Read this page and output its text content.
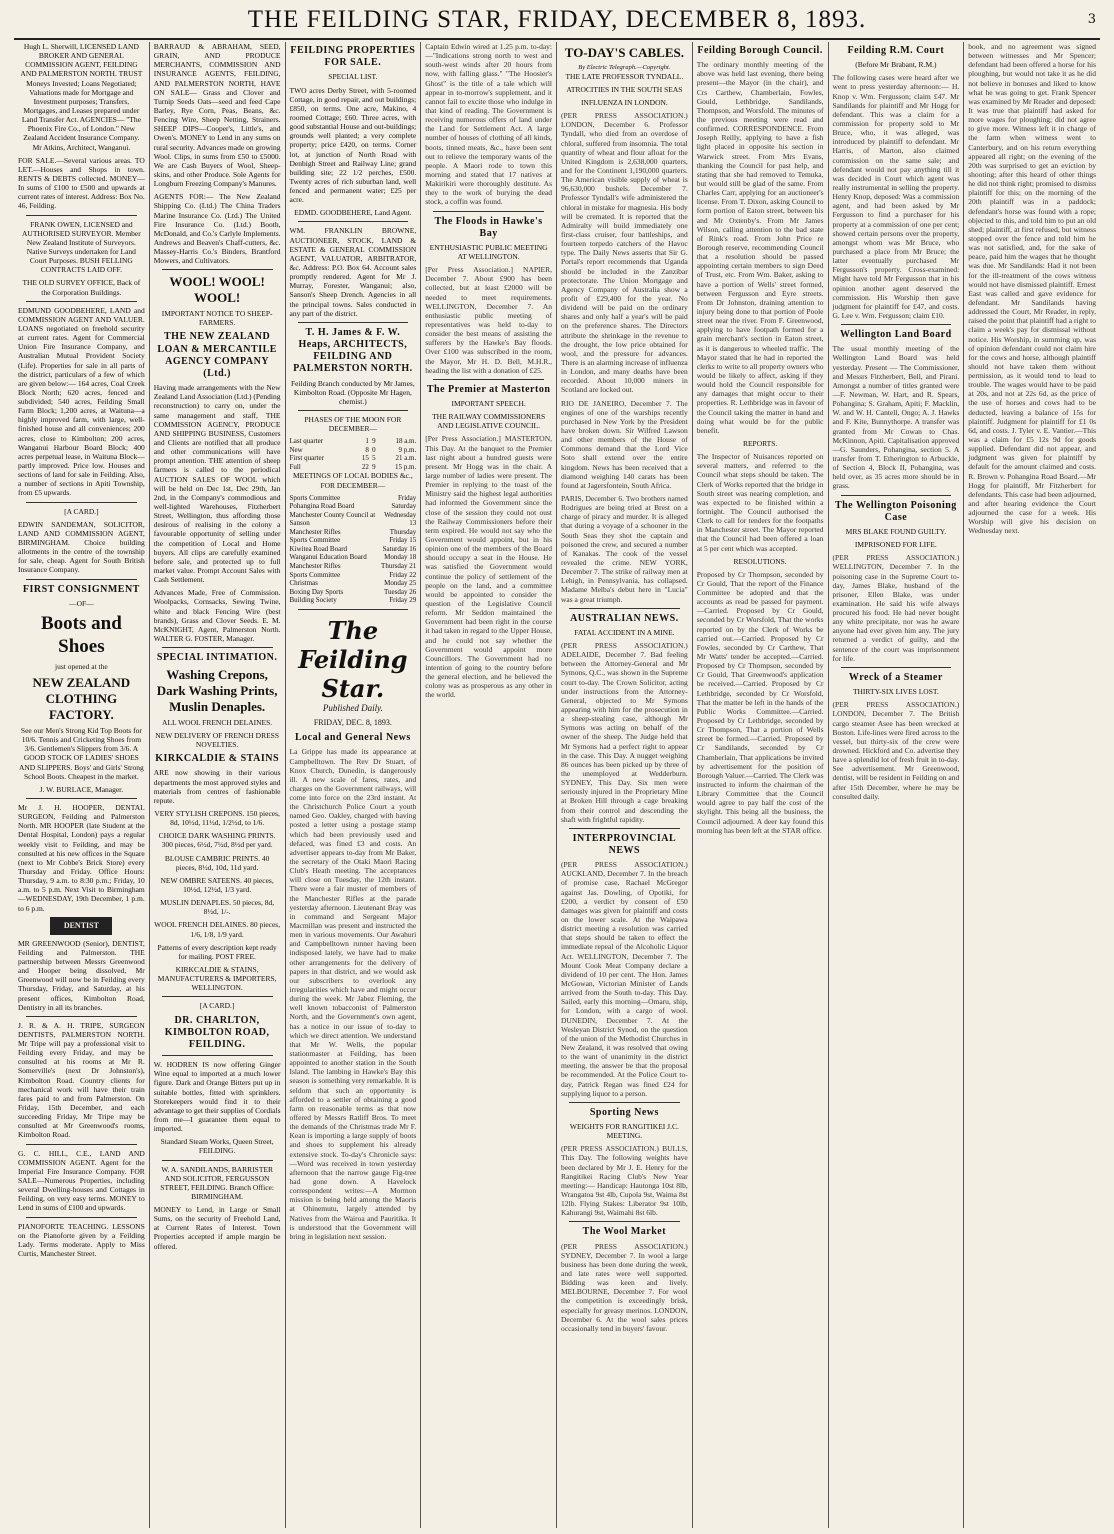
THE FEILDING STAR, FRIDAY, DECEMBER 8, 1893.	3
Hugh L. Sherwill, LICENSED LAND BROKER AND GENERAL COMMISSION AGENT, FEILDING AND PALMERSTON NORTH. TRUST Moneys Invested; Loans Negotiated; Valuations made for Mortgage and Investment purposes; Transfers, Mortgages, and Leases prepared under Land Transfer Act. AGENCIES— "The Phoenix Fire Co., of London." New Zealand Accident Insurance Company. Mr Atkins, Architect, Wanganui.
FOR SALE.—Several various areas. TO LET.—Houses and Shops in town. RENTS & DEBTS collected. MONEY—In sums of £100 to £500 and upwards at current rates of interest. Address: Box No. 46, Feilding.
FRANK OWEN, LICENSED and AUTHORISED SURVEYOR. Member New Zealand Institute of Surveyors. Native Surveys undertaken for Land Court Purposes. BUSH FELLING CONTRACTS LAID OFF.
THE OLD SURVEY OFFICE, Back of the Corporation Buildings.
EDMUND GOODBEHERE, LAND and COMMISSION AGENT AND VALUER. LOANS negotiated on freehold security at current rates. Agent for Commercial Union Fire Insurance Company, and Australian Mutual Provident Society (Life). Properties for sale in all parts of the district, particulars of a few of which are given below:— 164 acres, Coal Creek Block North; 620 acres, fenced and subdivided; 540 acres, Feilding Small Farm Block; 1,200 acres, at Waituna—a highly improved farm, with large, well-finished house and all conveniences; 200 acres, close to Kimbolton; 200 acres, Wanganui Harbour Board Block; 400 acres perpetual lease, in Waituna Block—partly improved. Price low. Houses and sections of land for sale in Feilding. Also, a number of sections in Apiti Township, from £5 upwards.
[A CARD.]
EDWIN SANDEMAN, SOLICITOR, LAND AND COMMISSION AGENT, BIRMINGHAM. Choice building allotments in the centre of the township for sale, cheap. Agent for South British Insurance Company.
FIRST CONSIGNMENT
—OF—
Boots and Shoes
just opened at the
NEW ZEALAND CLOTHING FACTORY.
See our Men's Strong Kid Top Boots for 10/6. Tennis and Cricketing Shoes from 3/6. Gentlemen's Slippers from 3/6. A GOOD STOCK OF LADIES' SHOES AND SLIPPERS. Boys' and Girls' Strong School Boots. Cheapest in the market.
J. W. BURLACE, Manager.
Mr J. H. HOOPER, DENTAL SURGEON, Feilding and Palmerston North. MR HOOPER (late Student at the Dental Hospital, London) pays a regular weekly visit to Feilding, and may be consulted at his new offices in the Square (next to Mr Cobbe's Brick Store) every Thursday and Friday. Office Hours: Thursday, 9 a.m. to 8:30 p.m.; Friday, 10 a.m. to 5 p.m. Next Visit to Birmingham—WEDNESDAY, 19th December, 1 p.m. to 6 p.m.
DENTIST
MR GREENWOOD (Senior), DENTIST, Feilding and Palmerston. THE partnership between Messrs Greenwood and Hooper being dissolved, Mr Greenwood will now be in Feilding every Thursday, Friday, and Saturday, at his present offices, Kimbolton Road, Dentistry in all its branches.
J. R. & A. H. TRIPE, SURGEON DENTISTS, PALMERSTON NORTH. Mr Tripe will pay a professional visit to Feilding every Friday, and may be consulted at his rooms at Mr R. Somerville's (next Dr Johnston's), Kimbolton Road. Country clients for mechanical work will have their train fares paid to and from Palmerston. On Friday, 15th December, and each succeeding Friday, Mr Tripe may be consulted at Mr Greenwood's rooms, Kimbolton Road.
G. C. HILL, C.E., LAND AND COMMISSION AGENT. Agent for the Imperial Fire Insurance Company. FOR SALE—Numerous Properties, including several Dwelling-houses and Cottages in Feilding, on very easy terms. MONEY to Lend in sums of £100 and upwards.
PIANOFORTE TEACHING. LESSONS on the Pianoforte given by a Feilding Lady. Terms moderate. Apply to Miss Curtis, Manchester Street.
BARRAUD & ABRAHAM, SEED, GRAIN, AND PRODUCE MERCHANTS, COMMISSION AND INSURANCE AGENTS, FEILDING, AND PALMERSTON NORTH, HAVE ON SALE— Grass and Clover and Turnip Seeds Oats—seed and feed Cape Barley, Rye Corn, Peas, Beans, &c. Fencing Wire, Sheep Netting, Strainers. SHEEP DIPS—Cooper's, Little's, and Owen's. MONEY to Lend in any sums on rural security. Advances made on growing Wool. Clips, in sums from £50 to £5000. We are Cash Buyers of Wool, Sheep-skins, and other Produce. Sole Agents for Longburn Freezing Company's Manures.
AGENTS FOR:— The New Zealand Shipping Co. (Ltd.) The China Traders Marine Insurance Co. (Ltd.) The United Fire Insurance Co. (Ltd.) Booth, McDonald, and Co.'s Carlyle Implements. Andrews and Beaven's Chaff-cutters, &c. Massey-Harris Co.'s Binders, Brantford Mowers, and Cultivators.
WOOL! WOOL! WOOL!
IMPORTANT NOTICE TO SHEEP-FARMERS.
THE NEW ZEALAND LOAN & MERCANTILE AGENCY COMPANY (Ltd.)
Having made arrangements with the New Zealand Land Association (Ltd.) (Pending reconstruction) to carry on, under the same management and staff, THE COMMISSION AGENCY, PRODUCE AND SHIPPING BUSINESS, Customers and Clients are notified that all produce and other communications will have prompt attention. THE attention of sheep farmers is called to the periodical AUCTION SALES OF WOOL which will be held on Dec 1st, Dec 29th, Jan 2nd, in the Company's commodious and well-lighted Warehouses, Fitzherbert Street, Wellington, thus affording those desirous of realising in the colony a favourable opportunity of selling under the competition of Local and Home buyers. All clips are carefully examined before sale, and protected up to full market value. Prompt Account Sales with Cash Settlement.
Advances Made, Free of Commission. Woolpacks, Cornsacks, Sewing Twine, white and black Fencing Wire (best brands), Grass and Clover Seeds. E. M. McKNIGHT, Agent, Palmerston North. WALTER G. FOSTER, Manager.
SPECIAL INTIMATION.
Washing Crepons, Dark Washing Prints, Muslin Denaples.
ALL WOOL FRENCH DELAINES.
NEW DELIVERY OF FRENCH DRESS NOVELTIES.
KIRKCALDIE & STAINS
ARE now showing in their various departments the most approved styles and materials from centres of fashionable repute.
VERY STYLISH CREPONS. 150 pieces, 8d, 10½d, 11½d, 1/2½d, to 1/6.
CHOICE DARK WASHING PRINTS. 300 pieces, 6½d, 7½d, 8½d per yard.
BLOUSE CAMBRIC PRINTS. 40 pieces, 8½d, 10d, 11d yard.
NEW OMBRE SATEENS. 40 pieces, 10½d, 12½d, 1/3 yard.
MUSLIN DENAPLES. 50 pieces, 8d, 8½d, 1/-.
WOOL FRENCH DELAINES. 80 pieces, 1/6, 1/8, 1/9 yard.
Patterns of every description kept ready for mailing. POST FREE.
KIRKCALDIE & STAINS, MANUFACTURERS & IMPORTERS, WELLINGTON.
[A CARD.]
DR. CHARLTON, KIMBOLTON ROAD, FEILDING.
W. HODREN IS now offering Ginger Wine equal to imported at a much lower figure. Dark and Orange Bitters put up in suitable bottles, fitted with sprinklers. Storekeepers would find it to their advantage to get their supplies of Cordials from me—I guarantee them equal to imported.
Standard Steam Works, Queen Street, FEILDING.
W. A. SANDILANDS, BARRISTER AND SOLICITOR, FERGUSSON STREET, FEILDING. Branch Office: BIRMINGHAM.
MONEY to Lend, in Large or Small Sums, on the security of Freehold Land, at Current Rates of Interest. Town Properties accepted if ample margin be offered.
FEILDING PROPERTIES FOR SALE.
SPECIAL LIST.
TWO acres Derby Street, with 5-roomed Cottage, in good repair, and out buildings; £850, on terms. One acre, Makino, 4 roomed Cottage; £60. Three acres, with good substantial House and out-buildings; grounds well planted; a very complete property; price £420, on terms. Corner lot, at junction of North Road with Denbigh Street and Railway Line; grand building site; 22 1/2 perches, £500. Twenty acres of rich suburban land, well fenced and permanent water; £25 per acre.
EDMD. GOODBEHERE, Land Agent.
WM. FRANKLIN BROWNE, AUCTIONEER, STOCK, LAND & ESTATE & GENERAL COMMISSION AGENT, VALUATOR, ARBITRATOR, &c. Address: P.O. Box 64. Account sales promptly rendered. Agent for Mr J. Murray, Forester, Wanganui; also, Sanson's Sheep Drench. Agencies in all the principal towns. Sales conducted in any part of the district.
T. H. James & F. W. Heaps, ARCHITECTS, FEILDING AND PALMERSTON NORTH.
Feilding Branch conducted by Mr James, Kimbolton Road. (Opposite Mr Hagen, chemist.)
PHASES OF THE MOON FOR DECEMBER—
Last quarter	1	9	18 a.m.
New	8	0	9 p.m.
First quarter	15	5	21 a.m.
Full	22	9	15 p.m.
MEETINGS OF LOCAL BODIES &c., FOR DECEMBER—
Sports Committee	Friday
Pohangina Road Board	Saturday
Manchester County Council at Sanson	Wednesday 13
Manchester Rifles	Thursday
Sports Committee	Friday 15
Kiwitea Road Board	Saturday 16
Wanganui Education Board	Monday 18
Manchester Rifles	Thursday 21
Sports Committee	Friday 22
Christmas	Monday 25
Boxing Day Sports	Tuesday 26
Building Society	Friday 29
The Feilding Star.
Published Daily.
FRIDAY, DEC. 8, 1893.
Local and General News
La Grippe has made its appearance at Campbelltown. The Rev Dr Stuart, of Knox Church, Dunedin, is dangerously ill. A new scale of fares, rates, and charges on the Government railways, will come into force on the 23rd instant. At the Christchurch Police Court a youth named Geo. Oakley, charged with having posted a letter using a postage stamp which had been previously used and defaced, was fined £3 and costs. An advertiser appears to-day from Mr Baker, the secretary of the Otaki Maori Racing Club's Heath meeting. The acceptances will close on Tuesday, the 12th instant. There were a fair muster of members of the Manchester Rifles at the parade yesterday afternoon. Lieutenant Bray was in command and Sergeant Major Macmillan was present and instructed the men in various movements. Our Awahuri and Campbelltown runner having been indisposed lately, we have had to make other arrangements for the delivery of papers in that district, and we would ask our subscribers to overlook any irregularities which have and might occur during the week. Mr Jabez Fleming, the well known tobacconist of Palmerston North, and the Government's own agent, has a notice in our issue of to-day to which we direct attention. We understand that Mr W. Wells, the popular stationmaster at Feilding, has been appointed to another station in the South Island. The lambing in Hawke's Bay this season is something very remarkable. It is seldom that such an opportunity is afforded to a settler of obtaining a good farm on reasonable terms as that now offered by Messrs Ratliff Bros. To meet the demands of the Christmas trade Mr F. Kean is importing a large supply of boots and shoes to supplement his already extensive stock. To-day's Chronicle says:—Word was received in town yesterday afternoon that the narrow gauge Fig-tree had gone down. A Havelock correspondent writes:—A Mormon mission is being held among the Maoris at Ohinemutu, largely attended by Natives from the Wairoa and Pauritika. It is understood that the Government will bring in legislation next session.
Captain Edwin wired at 1.25 p.m. to-day:—"Indications strong north to west and south-west winds after 20 hours from now, with falling glass." "The Hoosier's Ghost" is the title of a tale which will appear in to-morrow's supplement, and it cannot fail to excite those who indulge in that kind of reading. The Government is receiving numerous offers of land under the Land for Settlement Act. A large number of houses of clothing of all kinds, boots, tinned meats, &c., have been sent out to relieve the temporary wants of the people. A Maori rode to town this morning and stated that 17 natives at Makirikiri were thoroughly destitute. As they to the work of burying the dead stock, a coffin was found.
The Floods in Hawke's Bay
ENTHUSIASTIC PUBLIC MEETING AT WELLINGTON.
[Per Press Association.] NAPIER, December 7. About £900 has been collected, but at least £2000 will be needed to meet requirements. WELLINGTON, December 7. An enthusiastic public meeting of representatives was held to-day to consider the best means of assisting the sufferers by the Hawke's Bay floods. Over £100 was subscribed in the room, the Mayor, Mr H. D. Bell, M.H.R., heading the list with a donation of £25.
The Premier at Masterton
IMPORTANT SPEECH.
THE RAILWAY COMMISSIONERS AND LEGISLATIVE COUNCIL.
[Per Press Association.] MASTERTON, This Day. At the banquet to the Premier last night about a hundred guests were present. Mr Hogg was in the chair. A large number of ladies were present. The Premier in replying to the toast of the Ministry said the highest legal authorities had informed the Government since the close of the session they could not oust the Railway Commissioners before their term expired. He would not say who the Government would appoint, but in his opinion one of the members of the Board should occupy a seat in the House. He was satisfied the Government would continue the policy of settlement of the people on the land, and a committee would be appointed to consider the question of the Legislative Council reform. Mr Seddon maintained the Government had been right in the course it had taken in regard to the Upper House, and he could not say whether the Government would appoint more Councillors. The Government had no intention of going to the country before the general election, and he believed the colony was as prosperous as any other in the world.
TO-DAY'S CABLES.
By Electric Telegraph.—Copyright.
THE LATE PROFESSOR TYNDALL.
ATROCITIES IN THE SOUTH SEAS
INFLUENZA IN LONDON.
(PER PRESS ASSOCIATION.) LONDON, December 6. Professor Tyndall, who died from an overdose of chloral, suffered from insomnia. The total quantity of wheat and flour afloat for the United Kingdom is 2,638,000 quarters, and for the Continent 1,190,000 quarters. The American visible supply of wheat is 96,630,000 bushels. December 7. Professor Tyndall's wife administered the chloral in mistake for magnesia. His body will be cremated. It is reported that the Admiralty will build immediately one first-class cruiser, four battleships, and fourteen torpedo catchers of the Havoc type. The Daily News asserts that Sir G. Portal's report recommends that Uganda should be included in the Zanzibar protectorate. The Union Mortgage and Agency Company of Australia show a profit of £29,400 for the year. No dividend will be paid on the ordinary shares and only half a year's will be paid on the preference shares. The Directors attribute the shrinkage in the revenue to the drought, the low price obtained for wool, and the pressure for advances. There is an alarming increase of influenza in London, and many deaths have been recorded. About 10,000 miners in Scotland are locked out.
RIO DE JANEIRO, December 7. The engines of one of the warships recently purchased in New York by the President have broken down. Sir Wilfred Lawson and other members of the House of Commons demand that the Lord Vice Soto shall extend over the entire kingdom. News has been received that a diamond weighing 140 carats has been found at Jagersfontein, South Africa.
PARIS, December 6. Two brothers named Rodrigues are being tried at Brest on a charge of piracy and murder. It is alleged that during a voyage of a schooner in the South Seas they shot the captain and poisoned the crew, and secured a number of Kanakas. The cook of the vessel revealed the crime. NEW YORK, December 7. The strike of railway men at Lehigh, in Pennsylvania, has collapsed. Madame Melba's debut here in "Lucia" was a great triumph.
AUSTRALIAN NEWS.
FATAL ACCIDENT IN A MINE.
(PER PRESS ASSOCIATION.) ADELAIDE, December 7. Bad feeling between the Attorney-General and Mr Symons, Q.C., was shown in the Supreme court to-day. The Crown Solicitor, acting under instructions from the Attorney-General, objected to Mr Symons appearing with him for the prosecution in a sheep-stealing case, although Mr Symons was acting on behalf of the owner of the sheep. The Judge held that Mr Symons had a perfect right to appear in the case. This Day. A nugget weighing 86 ounces has been picked up by three of the unemployed at Wedderburn. SYDNEY, This Day. Six men were seriously injured in the Proprietary Mine at Broken Hill through a cage breaking from their control and descending the shaft with frightful rapidity.
INTERPROVINCIAL NEWS
(PER PRESS ASSOCIATION.) AUCKLAND, December 7. In the breach of promise case, Rachael McGregor against Jas. Dowling, of Opotiki, for £200, a verdict by consent of £50 damages was given for plaintiff and costs on the lower scale. At the Waipawa district meeting a resolution was carried that steps should be taken to effect the immediate repeal of the Alcoholic Liquor Act. WELLINGTON, December 7. The Mount Cook Meat Company declare a dividend of 10 per cent. The Hon. James McGowan, Victorian Minister of Lands arrived from the South to-day. This Day. Sailed, early this morning—Omaru, ship, for London, with a cargo of wool. DUNEDIN, December 7. At the Wesleyan District Synod, on the question of the union of the Methodist Churches in New Zealand, it was resolved that owing to the want of unanimity in the district meeting, the answer be that the proposal be recommended. At the Police Court to-day, Patrick Regan was fined £24 for supplying liquor to a person.
Sporting News
WEIGHTS FOR RANGITIKEI J.C. MEETING.
(PER PRESS ASSOCIATION.) BULLS, This Day. The following weights have been declared by Mr J. E. Henry for the Rangitikei Racing Club's New Year meeting:— Handicap: Hautonga 10st 8lb, Wrangatoa 9st 4lb, Cupola 9st, Waima 8st 12lb. Flying Stakes: Liberator 9st 10lb, Kahurangi 9st, Waimahi 8st 6lb.
The Wool Market
(PER PRESS ASSOCIATION.) SYDNEY, December 7. In wool a large business has been done during the week, and late rates were well supported. Bidding was keen and lively. MELBOURNE, December 7. For wool the competition is exceedingly brisk, especially for greasy merinos. LONDON, December 6. At the wool sales prices occasionally tend in buyers' favour.
Feilding Borough Council.
The ordinary monthly meeting of the above was held last evening, there being present—the Mayor (in the chair), and Crs Carthew, Chamberlain, Fowles, Gould, Lethbridge, Sandilands, Thompson, and Worsfold. The minutes of the previous meeting were read and confirmed. CORRESPONDENCE. From Joseph Reilly, applying to have a fish light placed in opposite his section in Warwick street. From Mrs Evans, thanking the Council for past help, and stating that she had removed to Temuka, but would still be glad of the same. From Charles Carr, applying for an auctioneer's license. From T. Dixon, asking Council to form portion of Eaton street, between his and Mr Oxtenby's. From Mr James Wilson, calling attention to the bad state of Rink's road. From John Price re Borough reserve, recommending Council that a resolution should be passed appointing certain members to sign Deed of Trust, etc. From Wm. Baker, asking to have a portion of Wells' street formed, between Fergusson and Eyre streets. From Dr Johnston, draining attention to injury being done to that portion of Poole street near the river. From F. Greenwood, applying to have footpath formed for a grain merchant's section in Eaton street, as it is dangerous to wheeled traffic. The Mayor stated that he had in reported the clerks to write to all property owners who would be likely to affect, asking if they would hold the Council responsible for any damages that might occur to their properties. R. Lethbridge was in favour of the Council taking the matter in hand and doing what would be for the public benefit.
REPORTS.
The Inspector of Nuisances reported on several matters, and referred to the Council what steps should be taken. The Clerk of Works reported that the bridge in South street was nearing completion, and was expected to be finished within a fortnight. The Council authorised the Clerk to call for tenders for the footpaths in Manchester street. The Mayor reported that the Council had been offered a loan at 5 per cent which was accepted.
RESOLUTIONS.
Proposed by Cr Thompson, seconded by Cr Gould, That the report of the Finance Committee be adopted and that the accounts as read be passed for payment.—Carried. Proposed by Cr Gould, seconded by Cr Worsfold, That the works reported on by the Clerk of Works be carried out.—Carried. Proposed by Cr Fowles, seconded by Cr Carthew, That Mr Watts' tender be accepted.—Carried. Proposed by Cr Thompson, seconded by Cr Gould, That Greenwood's application be received.—Carried. Proposed by Cr Lethbridge, seconded by Cr Worsfold, That the matter be left in the hands of the Public Works Committee.—Carried. Proposed by Cr Lethbridge, seconded by Cr Thompson, That a portion of Wells street be formed.—Carried. Proposed by Cr Sandilands, seconded by Cr Chamberlain, That applications be invited by advertisement for the position of Borough Valuer.—Carried. The Clerk was instructed to inform the chairman of the Library Committee that the Council would agree to pay half the cost of the skylight. This being all the business, the Council adjourned. A deer kay found this morning has been left at the STAR office.
Feilding R.M. Court
(Before Mr Brabant, R.M.)
The following cases were heard after we went to press yesterday afternoon:— H. Knop v. Wm. Fergusson; claim £47. Mr Sandilands for plaintiff and Mr Hogg for defendant. This was a claim for a commission for property sold to Mr Bruce, who, it was alleged, was introduced by plaintiff to defendant. Mr Harris, of Marton, also claimed commission on the same sale; and defendant would not pay anything till it was decided in Court which agent was really instrumental in selling the property. Henry Knop, deposed: Was a commission agent, and had been asked by Mr Fergusson to find a purchaser for his property at a commission of one per cent; showed certain persons over the property, amongst whom was Mr Bruce, who purchased a place from Mr Bruce; the latter eventually purchased Mr Fergusson's property. Cross-examined: Might have told Mr Fergusson that in his opinion another agent deserved the commission. His Worship then gave judgment for plaintiff for £47, and costs. G. Lee v. Wm. Fergusson; claim £10.
Wellington Land Board
The usual monthly meeting of the Wellington Land Board was held yesterday. Present — The Commissioner, and Messrs Fitzherbert, Bell, and Pirani. Amongst a number of titles granted were—F. Newman, W. Hart, and R. Spears, Pohangina; S. Graham, Apiti; F. Macklin, W. and W. H. Cantell, Ongo; A. J. Hawks and F. Kite, Bunnythorpe. A transfer was granted from Mr Cowan to Chas. McKinnon, Apiti. Capitalisation approved—G. Saunders, Pohangina, section 5. A transfer from T. Etherington to Arbuckle, of Section 4, Block II, Pohangina, was held over, as 35 acres more should be in grass.
The Wellington Poisoning Case
MRS BLAKE FOUND GUILTY.
IMPRISONED FOR LIFE.
(PER PRESS ASSOCIATION.) WELLINGTON, December 7. In the poisoning case in the Supreme Court to-day, James Blake, husband of the prisoner, Ellen Blake, was under examination. He said his wife always procured his food. He had never bought any white precipitate, nor was he aware anyone had ever given him any. The jury returned a verdict of guilty, and the sentence of the court was imprisonment for life.
Wreck of a Steamer
THIRTY-SIX LIVES LOST.
(PER PRESS ASSOCIATION.) LONDON, December 7. The British cargo steamer Asee has been wrecked at Boston. Life-lines were fired across to the vessel, but thirty-six of the crew were drowned. Hickford and Co. advertise they have a splendid lot of fresh fruit in to-day. See advertisement. Mr Greenwood, dentist, will be resident in Feilding on and after 15th December, where he may be consulted daily.
book, and no agreement was signed between witnesses and Mr Spencer; defendant had been offered a horse for his ploughing, but would not take it as he did not believe in bonuses and liked to know what he was going to get. Frank Spencer was examined by Mr Reader and deposed: It was true that plaintiff had asked for more wages for ploughing; did not agree to give more. Witness left it in charge of the farm when witness went to Canterbury, and on his return everything appeared all right; on the evening of the 20th was surprised to get an eviction by shooting; after this heard of other things he did not think right; promised to dismiss plaintiff for this; on the morning of the 20th plaintiff was in a paddock; defendant's horse was found with a rope; objected to this, and told him to put an old shed; plaintiff, at first refused, but witness stopped over the fence and told him he was not satisfied, and, for the sake of peace, paid him the wages that he thought was due. Mr Sandilands: Had it not been for the ill-treatment of the cows witness would not have dismissed plaintiff. Ernest East was called and gave evidence for defendant. Mr Sandilands having addressed the Court, Mr Reader, in reply, raised the point that plaintiff had a right to claim a week's pay for dismissal without notice. His Worship, in summing up, was of opinion defendant could not claim hire for the cows and horse, although plaintiff should not have taken them without permission, as it would tend to lead to trouble. The wages would have to be paid at 20s, and not at 22s 6d, as the price of the use of horses and cows had to be deducted, leaving a balance of 15s for plaintiff. Judgment for plaintiff for £1 0s 6d, and costs. J. Tyler v. E. Vantier.—This was a claim for £5 12s 9d for goods supplied. Defendant did not appear, and judgment was given for plaintiff by default for the amount claimed and costs. R. Brown v. Pohangina Road Board.—Mr Hogg for plaintiff, Mr Fitzherbert for defendants. This case had been adjourned, and after hearing evidence the Court adjourned the case for a week. His Worship will give his decision on Wednesday next.
